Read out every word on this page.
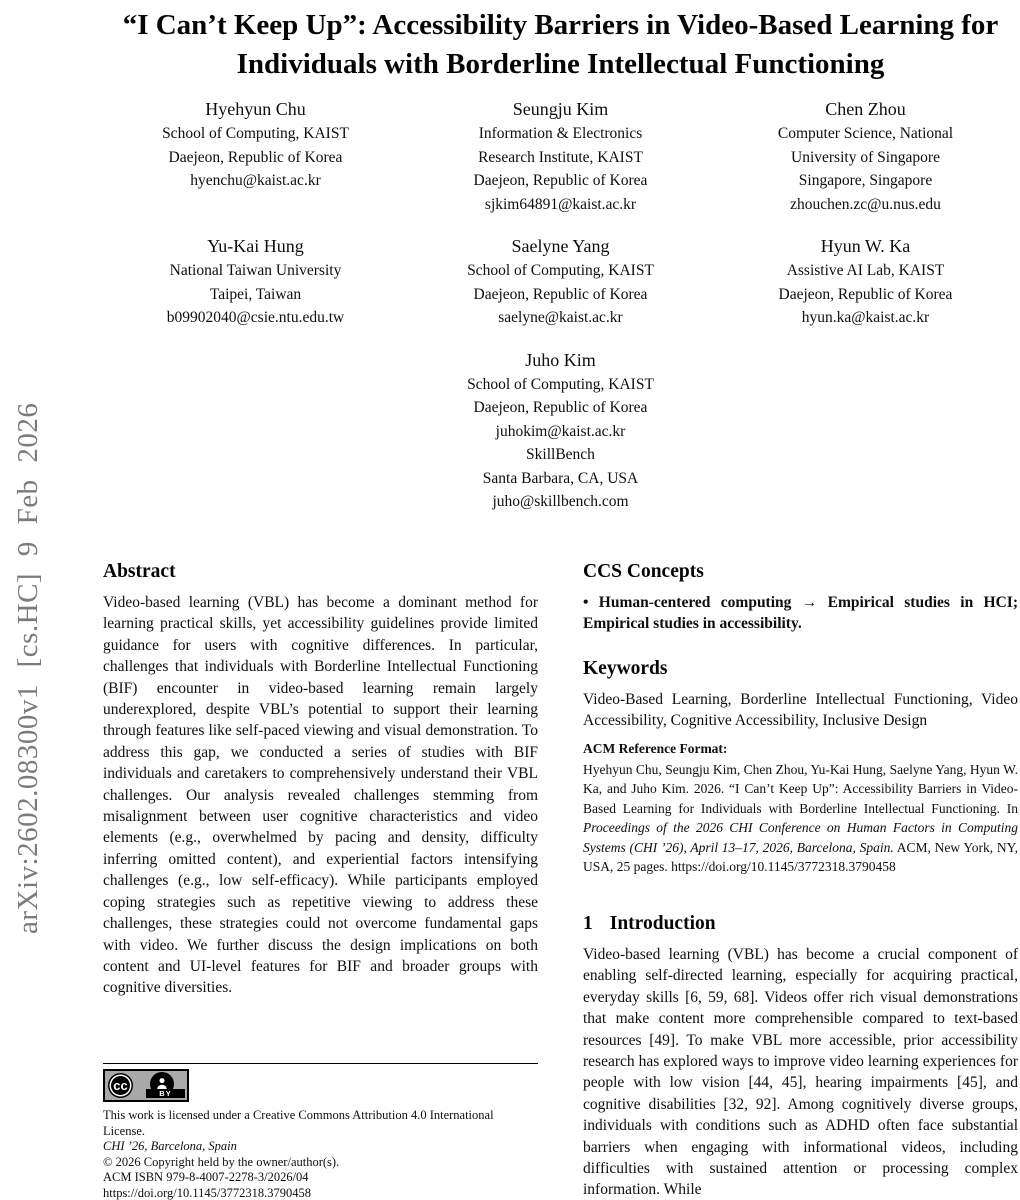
arXiv:2602.08300v1 [cs.HC] 9 Feb 2026
“I Can’t Keep Up”: Accessibility Barriers in Video-Based Learning for Individuals with Borderline Intellectual Functioning
Hyehyun Chu
School of Computing, KAIST
Daejeon, Republic of Korea
hyenchu@kaist.ac.kr
Seungju Kim
Information & Electronics
Research Institute, KAIST
Daejeon, Republic of Korea
sjkim64891@kaist.ac.kr
Chen Zhou
Computer Science, National
University of Singapore
Singapore, Singapore
zhouchen.zc@u.nus.edu
Yu-Kai Hung
National Taiwan University
Taipei, Taiwan
b09902040@csie.ntu.edu.tw
Saelyne Yang
School of Computing, KAIST
Daejeon, Republic of Korea
saelyne@kaist.ac.kr
Hyun W. Ka
Assistive AI Lab, KAIST
Daejeon, Republic of Korea
hyun.ka@kaist.ac.kr
Juho Kim
School of Computing, KAIST
Daejeon, Republic of Korea
juhokim@kaist.ac.kr
SkillBench
Santa Barbara, CA, USA
juho@skillbench.com
Abstract

Video-based learning (VBL) has become a dominant method for learning practical skills, yet accessibility guidelines provide limited guidance for users with cognitive differences. In particular, challenges that individuals with Borderline Intellectual Functioning (BIF) encounter in video-based learning remain largely underexplored, despite VBL’s potential to support their learning through features like self-paced viewing and visual demonstration. To address this gap, we conducted a series of studies with BIF individuals and caretakers to comprehensively understand their VBL challenges. Our analysis revealed challenges stemming from misalignment between user cognitive characteristics and video elements (e.g., overwhelmed by pacing and density, difficulty inferring omitted content), and experiential factors intensifying challenges (e.g., low self-efficacy). While participants employed coping strategies such as repetitive viewing to address these challenges, these strategies could not overcome fundamental gaps with video. We further discuss the design implications on both content and UI-level features for BIF and broader groups with cognitive diversities.

cc
BY

This work is licensed under a Creative Commons Attribution 4.0 International License.

CHI ’26, Barcelona, Spain

© 2026 Copyright held by the owner/author(s).

ACM ISBN 979-8-4007-2278-3/2026/04

https://doi.org/10.1145/3772318.3790458

CCS Concepts

• Human-centered computing → Empirical studies in HCI; Empirical studies in accessibility.

Keywords

Video-Based Learning, Borderline Intellectual Functioning, Video Accessibility, Cognitive Accessibility, Inclusive Design

ACM Reference Format:

Hyehyun Chu, Seungju Kim, Chen Zhou, Yu-Kai Hung, Saelyne Yang, Hyun W. Ka, and Juho Kim. 2026. “I Can’t Keep Up”: Accessibility Barriers in Video-Based Learning for Individuals with Borderline Intellectual Functioning. In Proceedings of the 2026 CHI Conference on Human Factors in Computing Systems (CHI ’26), April 13–17, 2026, Barcelona, Spain. ACM, New York, NY, USA, 25 pages. https://doi.org/10.1145/3772318.3790458

1 Introduction

Video-based learning (VBL) has become a crucial component of enabling self-directed learning, especially for acquiring practical, everyday skills [6, 59, 68]. Videos offer rich visual demonstrations that make content more comprehensible compared to text-based resources [49]. To make VBL more accessible, prior accessibility research has explored ways to improve video learning experiences for people with low vision [44, 45], hearing impairments [45], and cognitive disabilities [32, 92]. Among cognitively diverse groups, individuals with conditions such as ADHD often face substantial barriers when engaging with informational videos, including difficulties with sustained attention or processing complex information. While
